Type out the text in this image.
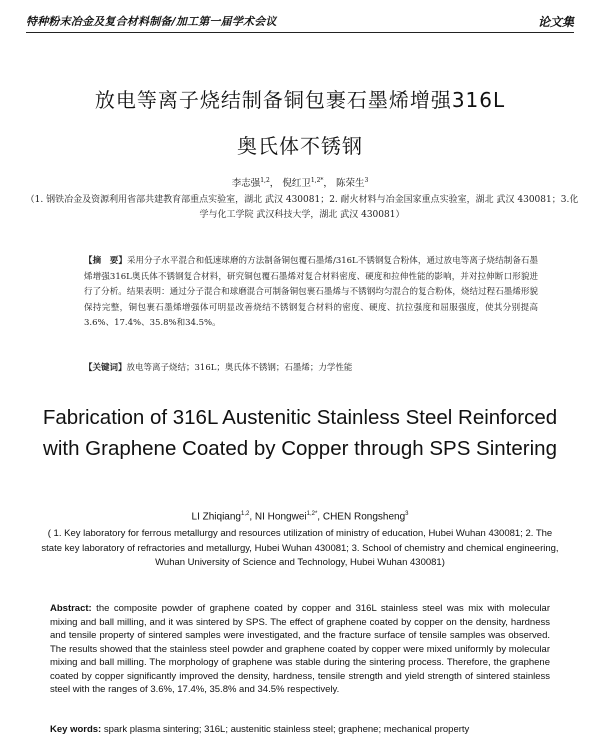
特种粉末冶金及复合材料制备/加工第一届学术会议	论文集
放电等离子烧结制备铜包裹石墨烯增强316L
奥氏体不锈钢
李志强$^{1,2}$， 倪红卫$^{1,2*}$， 陈荣生$^3$
（1. 钢铁冶金及资源利用省部共建教育部重点实验室，湖北 武汉 430081；2. 耐火材料与冶金国家重点实验室，湖北 武汉 430081；3.化学与化工学院 武汉科技大学，湖北 武汉 430081）
【摘　要】采用分子水平混合和低速球磨的方法制备铜包覆石墨烯/316L不锈钢复合粉体，通过放电等离子烧结制备石墨烯增强316L奥氏体不锈钢复合材料，研究铜包覆石墨烯对复合材料密度、硬度和拉伸性能的影响，并对拉伸断口形貌进行了分析。结果表明：通过分子混合和球磨混合可制备铜包裹石墨烯与不锈钢均匀混合的复合粉体，烧结过程石墨烯形貌保持完整，铜包裹石墨烯增强体可明显改善烧结不锈钢复合材料的密度、硬度、抗拉强度和屈服强度，使其分别提高3.6%、17.4%、35.8%和34.5%。
【关键词】放电等离子烧结；316L；奥氏体不锈钢；石墨烯；力学性能
Fabrication of 316L Austenitic Stainless Steel Reinforced with Graphene Coated by Copper through SPS Sintering
LI Zhiqiang$^{1,2}$, NI Hongwei$^{1,2*}$, CHEN Rongsheng$^3$
( 1. Key laboratory for ferrous metallurgy and resources utilization of ministry of education, Hubei Wuhan 430081; 2. The state key laboratory of refractories and metallurgy, Hubei Wuhan 430081; 3. School of chemistry and chemical engineering, Wuhan University of Science and Technology, Hubei Wuhan 430081)
Abstract: the composite powder of graphene coated by copper and 316L stainless steel was mix with molecular mixing and ball milling, and it was sintered by SPS. The effect of graphene coated by copper on the density, hardness and tensile property of sintered samples were investigated, and the fracture surface of tensile samples was observed. The results showed that the stainless steel powder and graphene coated by copper were mixed uniformly by molecular mixing and ball milling. The morphology of graphene was stable during the sintering process. Therefore, the graphene coated by copper significantly improved the density, hardness, tensile strength and yield strength of sintered stainless steel with the ranges of 3.6%, 17.4%, 35.8% and 34.5% respectively.
Key words: spark plasma sintering; 316L; austenitic stainless steel; graphene; mechanical property
